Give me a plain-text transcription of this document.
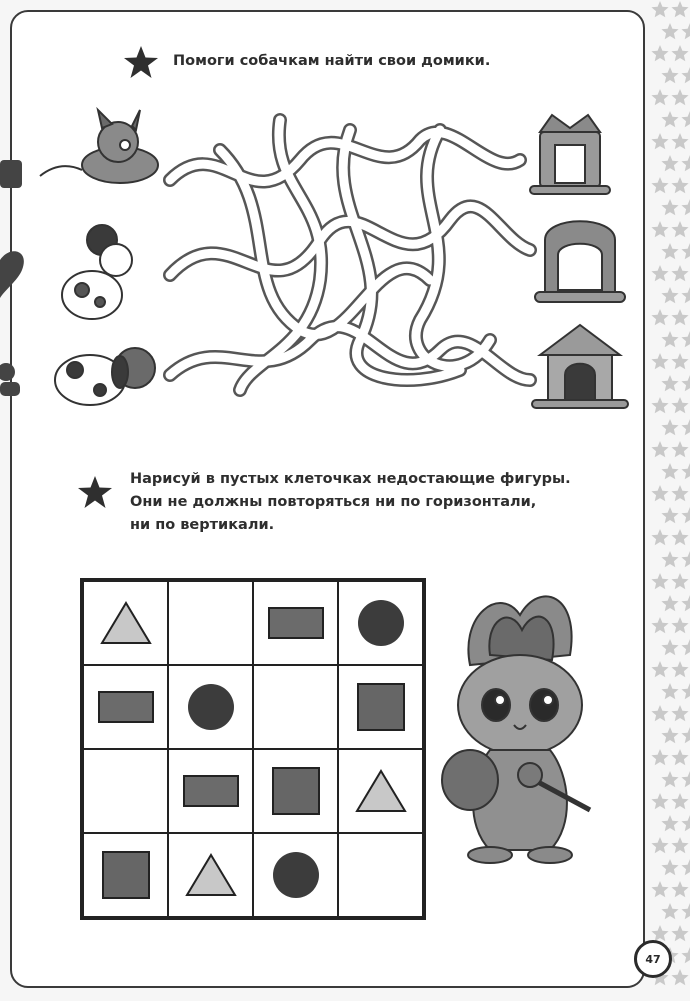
Помоги собачкам найти свои домики.
Нарисуй в пустых клеточках недостающие фигуры.
Они не должны повторяться ни по горизонтали,
ни по вертикали.
47
